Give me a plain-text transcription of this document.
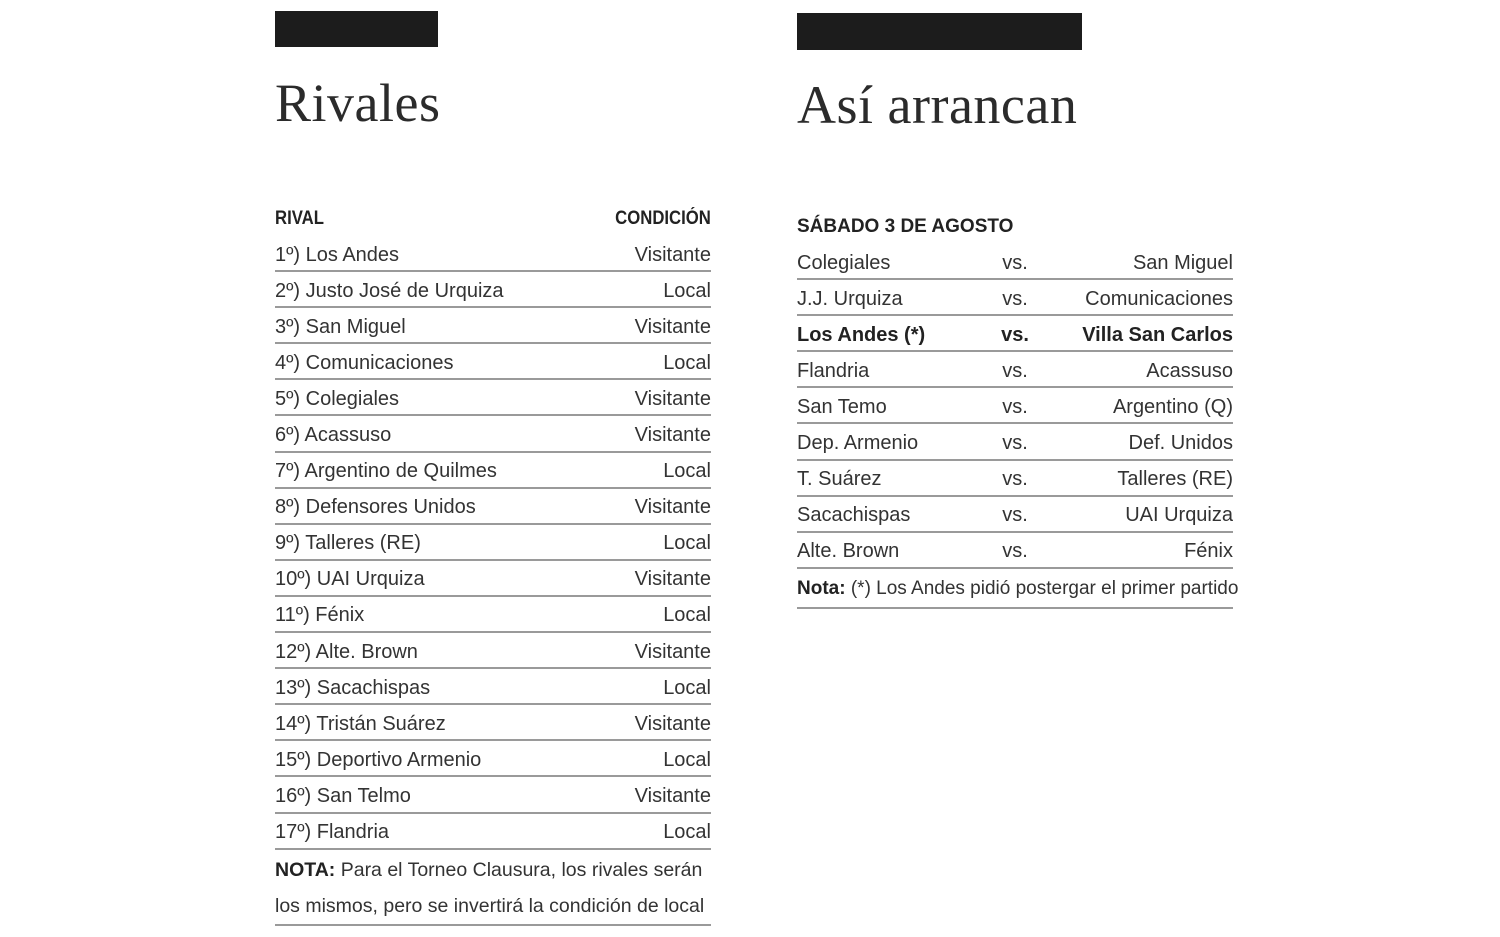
Rivales
RIVAL	CONDICIÓN
1º) Los Andes	Visitante
2º) Justo José de Urquiza	Local
3º) San Miguel	Visitante
4º) Comunicaciones	Local
5º) Colegiales	Visitante
6º) Acassuso	Visitante
7º) Argentino de Quilmes	Local
8º) Defensores Unidos	Visitante
9º) Talleres (RE)	Local
10º) UAI Urquiza	Visitante
11º) Fénix	Local
12º) Alte. Brown	Visitante
13º) Sacachispas	Local
14º) Tristán Suárez	Visitante
15º) Deportivo Armenio	Local
16º) San Telmo	Visitante
17º) Flandria	Local
NOTA: Para el Torneo Clausura, los rivales serán los mismos, pero se invertirá la condición de local
Así arrancan
SÁBADO 3 DE AGOSTO
Colegiales	vs.	San Miguel
J.J. Urquiza	vs.	Comunicaciones
Los Andes (*)	vs.	Villa San Carlos
Flandria	vs.	Acassuso
San Temo	vs.	Argentino (Q)
Dep. Armenio	vs.	Def. Unidos
T. Suárez	vs.	Talleres (RE)
Sacachispas	vs.	UAI Urquiza
Alte. Brown	vs.	Fénix
Nota: (*) Los Andes pidió postergar el primer partido
